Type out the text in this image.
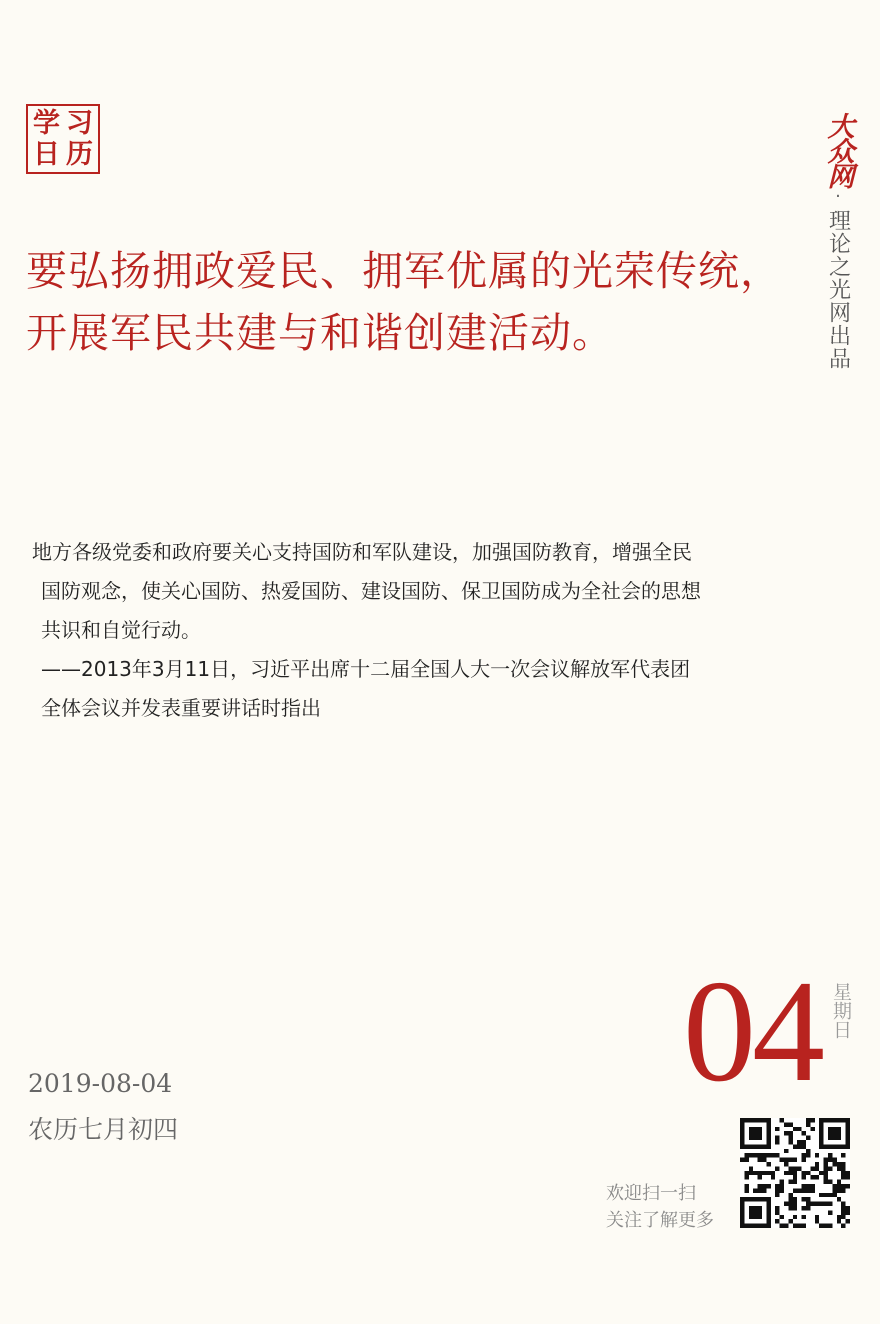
学 习
日 历
要弘扬拥政爱民、拥军优属的光荣传统，开展军民共建与和谐创建活动。
大众网
·
理论之光网出品

地方各级党委和政府要关心支持国防和军队建设，加强国防教育，增强全民

国防观念，使关心国防、热爱国防、建设国防、保卫国防成为全社会的思想

共识和自觉行动。

——2013年3月11日，习近平出席十二届全国人大一次会议解放军代表团

全体会议并发表重要讲话时指出

04 星期日
2019-08-04
农历七月初四
欢迎扫一扫
关注了解更多
